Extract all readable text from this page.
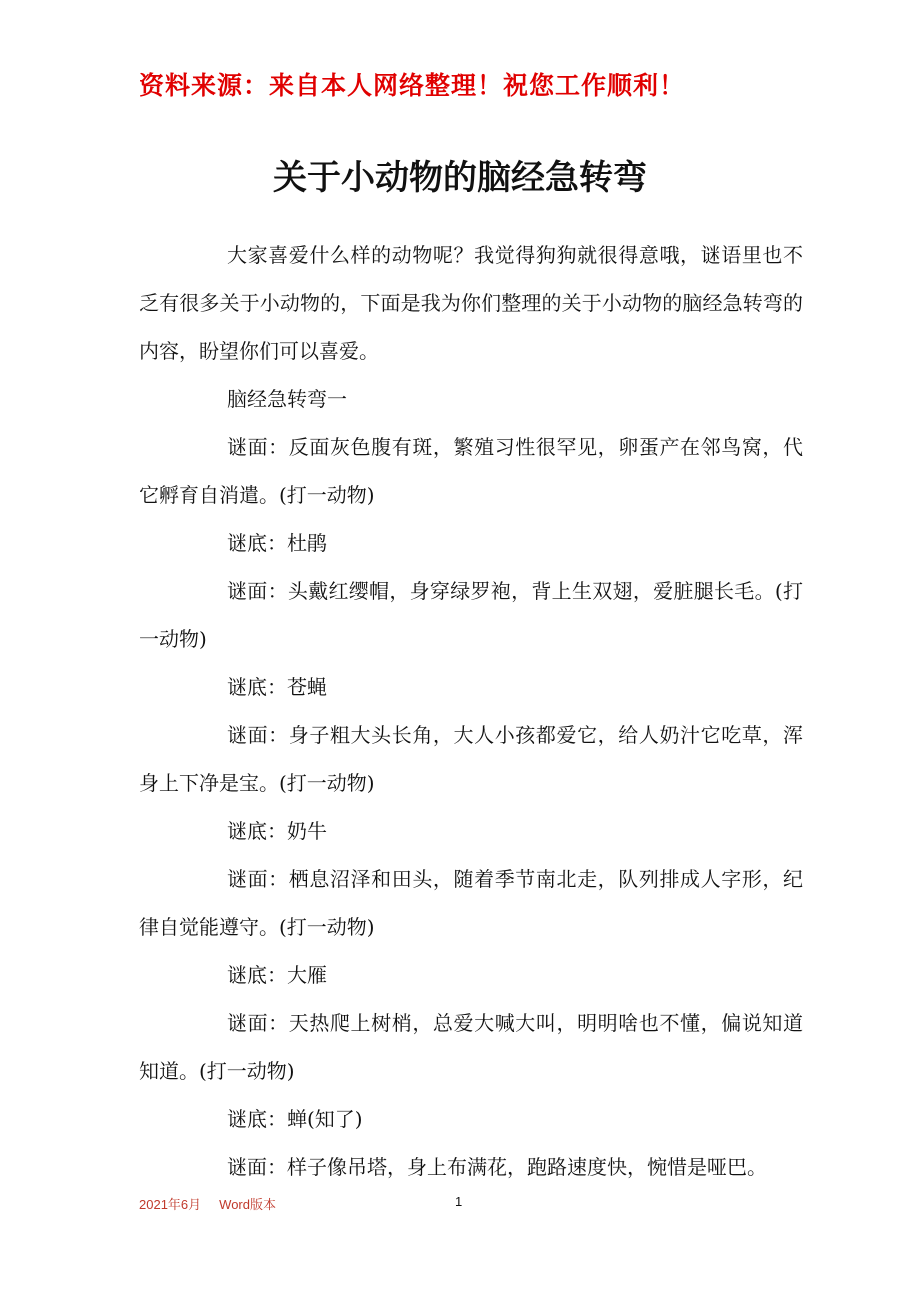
资料来源：来自本人网络整理！祝您工作顺利！
关于小动物的脑经急转弯

大家喜爱什么样的动物呢？我觉得狗狗就很得意哦，谜语里也不乏有很多关于小动物的，下面是我为你们整理的关于小动物的脑经急转弯的内容，盼望你们可以喜爱。

脑经急转弯一

谜面：反面灰色腹有斑，繁殖习性很罕见，卵蛋产在邻鸟窝，代它孵育自消遣。(打一动物)

谜底：杜鹃

谜面：头戴红缨帽，身穿绿罗袍，背上生双翅，爱脏腿长毛。(打一动物)

谜底：苍蝇

谜面：身子粗大头长角，大人小孩都爱它，给人奶汁它吃草，浑身上下净是宝。(打一动物)

谜底：奶牛

谜面：栖息沼泽和田头，随着季节南北走，队列排成人字形，纪律自觉能遵守。(打一动物)

谜底：大雁

谜面：天热爬上树梢，总爱大喊大叫，明明啥也不懂，偏说知道知道。(打一动物)

谜底：蝉(知了)

谜面：样子像吊塔，身上布满花，跑路速度快，惋惜是哑巴。

2021年6月 Word版本	1
